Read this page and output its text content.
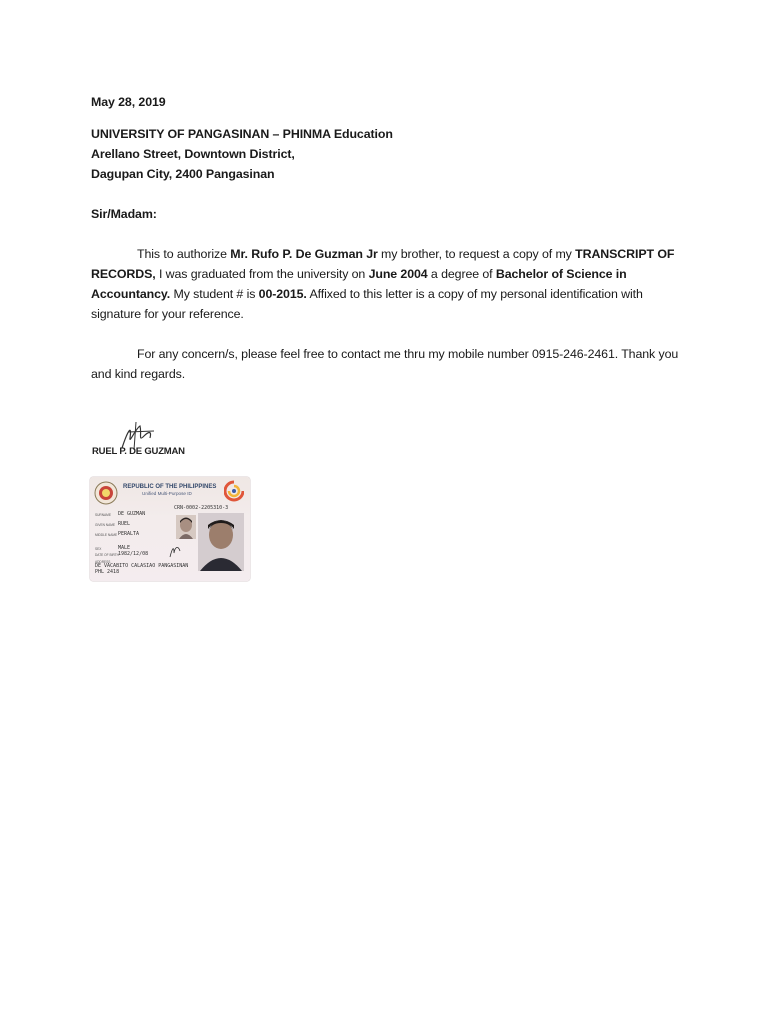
May 28, 2019
UNIVERSITY OF PANGASINAN – PHINMA Education
Arellano Street, Downtown District,
Dagupan City, 2400 Pangasinan
Sir/Madam:

This to authorize Mr. Rufo P. De Guzman Jr my brother, to request a copy of my TRANSCRIPT OF RECORDS, I was graduated from the university on June 2004 a degree of Bachelor of Science in Accountancy. My student # is 00-2015. Affixed to this letter is a copy of my personal identification with signature for your reference.

For any concern/s, please feel free to contact me thru my mobile number 0915-246-2461. Thank you and kind regards.

RUEL P. DE GUZMAN
REPUBLIC OF THE PHILIPPINES
Unified Multi-Purpose ID
CRN-0002-2205310-3
SURNAME DE GUZMAN
GIVEN NAME RUEL
MIDDLE NAME PERALTA
SEX	MALE
DATE OF BIRTH 1982/12/08
ADDRESS
DE VACABITO CALASIAO PANGASINAN
PHL 2418
